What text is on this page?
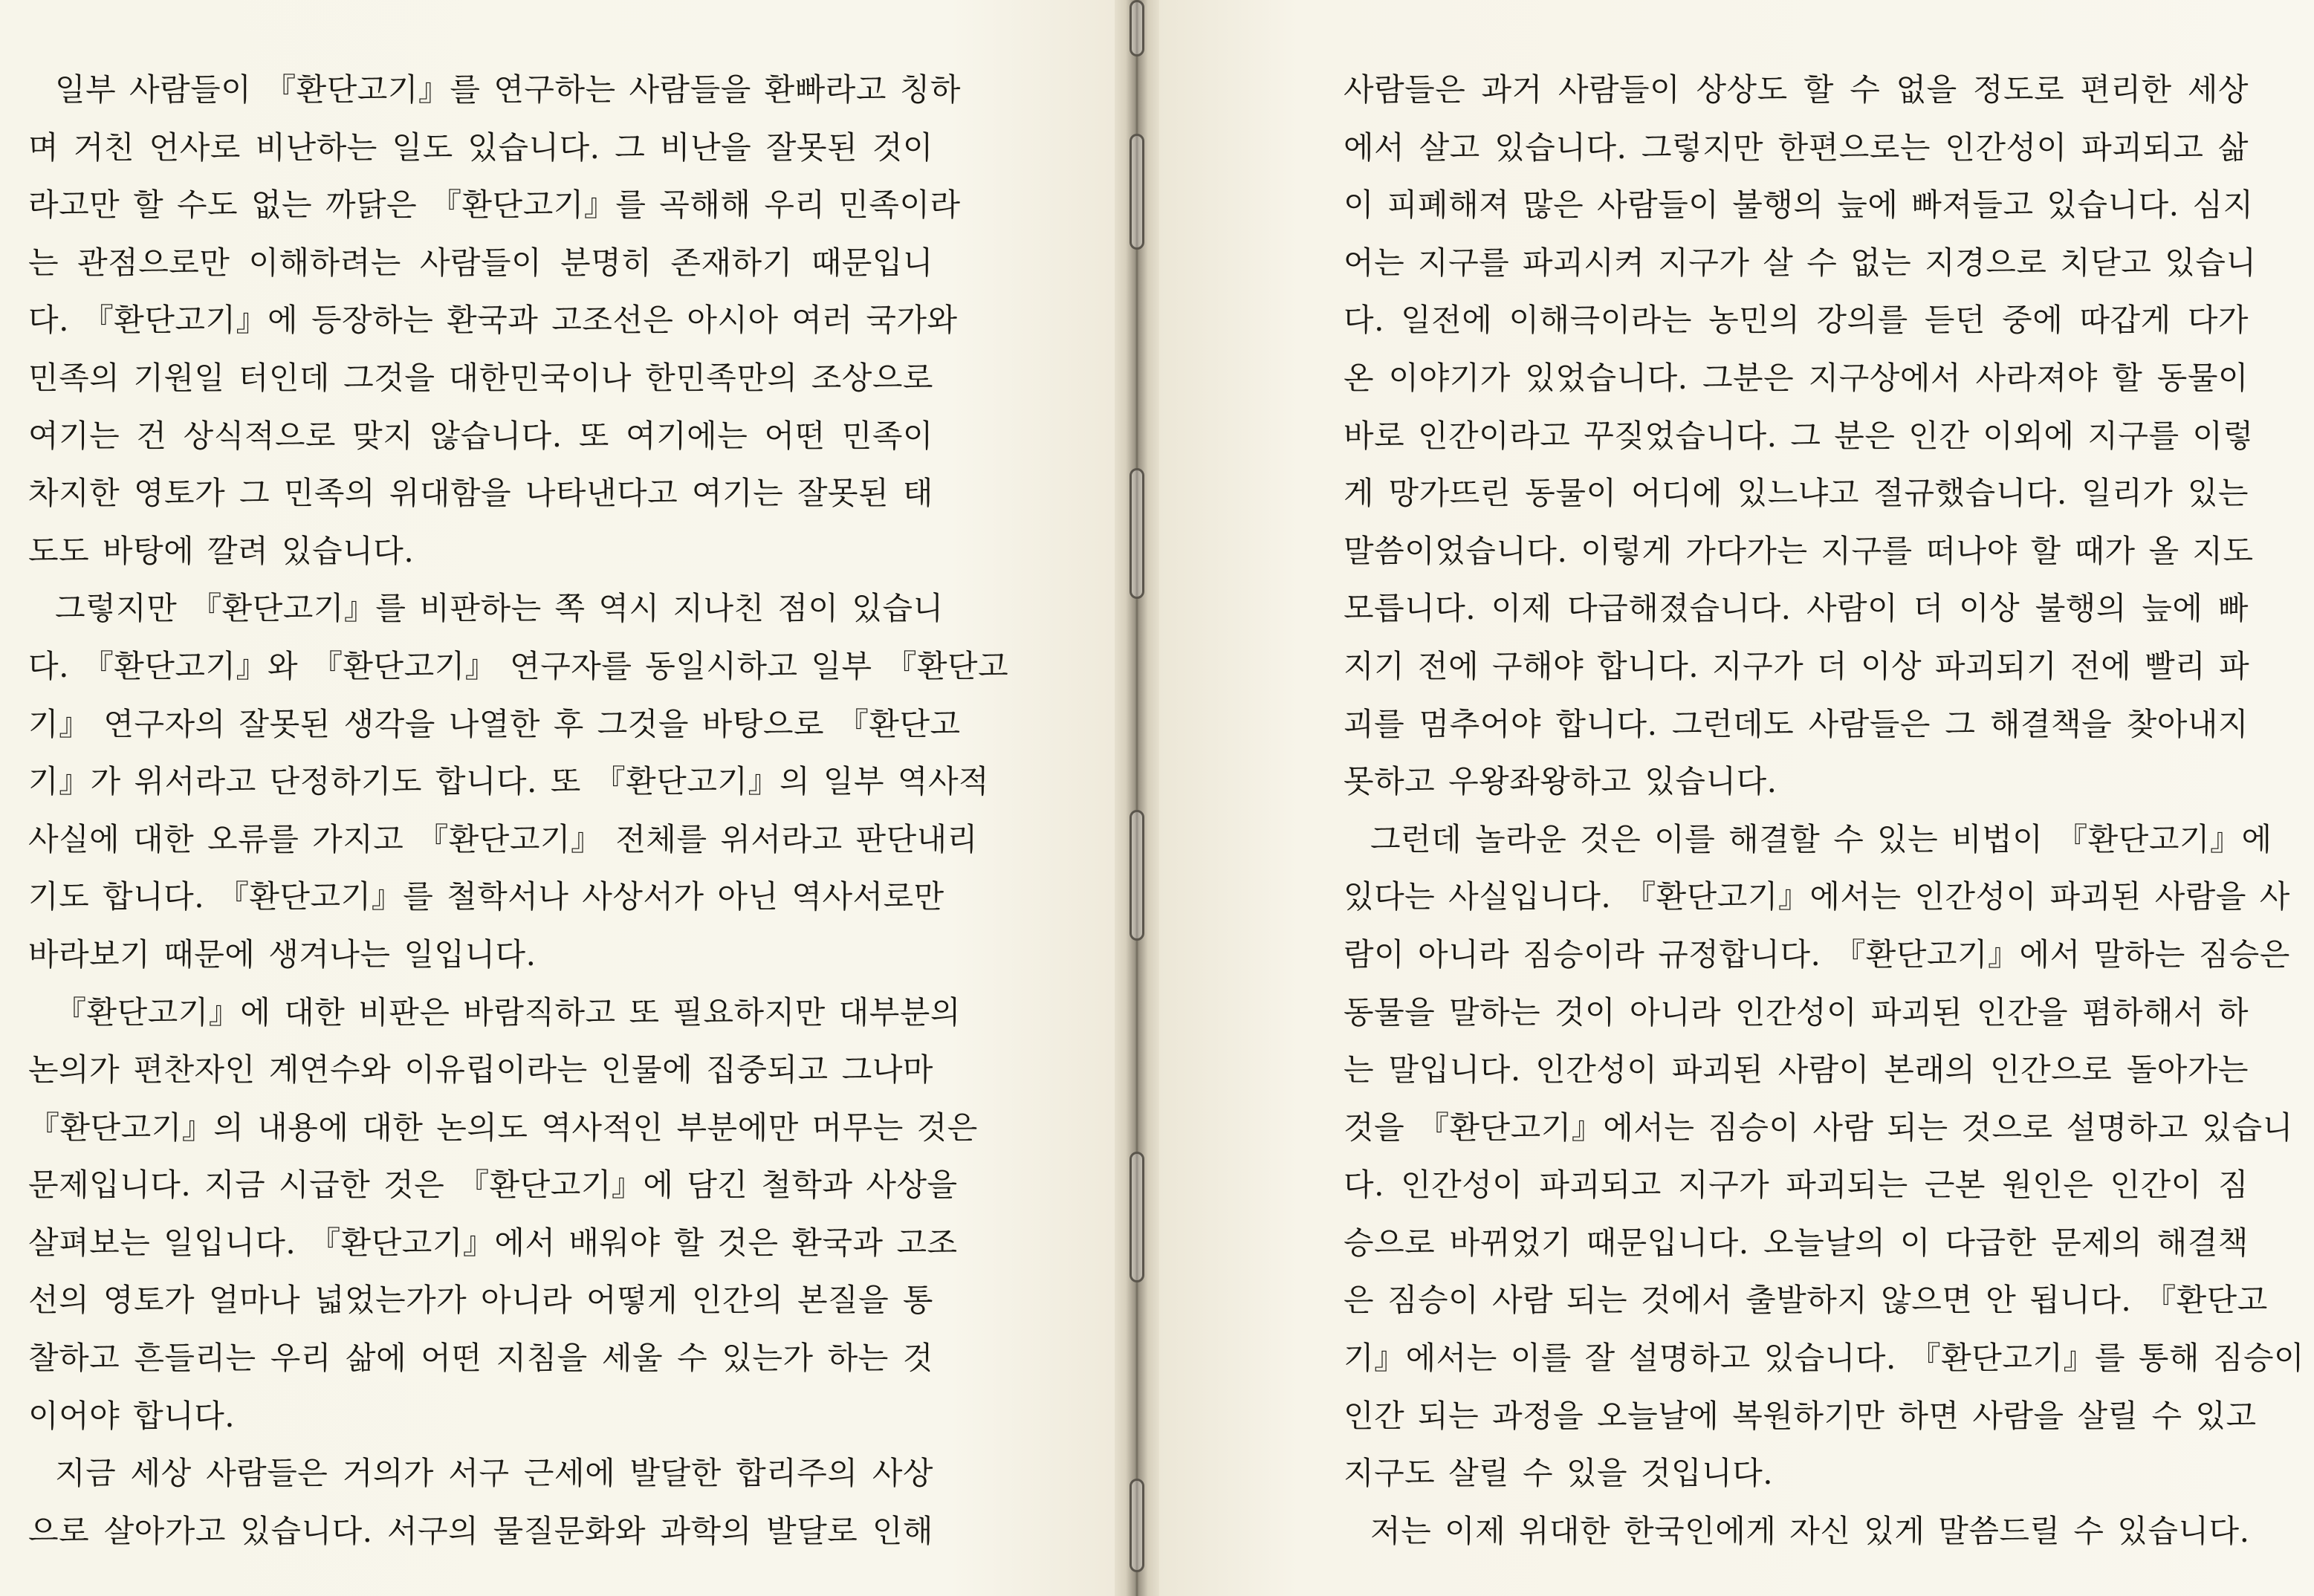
일부 사람들이 『환단고기』를 연구하는 사람들을 환빠라고 칭하
며 거친 언사로 비난하는 일도 있습니다. 그 비난을 잘못된 것이
라고만 할 수도 없는 까닭은 『환단고기』를 곡해해 우리 민족이라
는 관점으로만 이해하려는 사람들이 분명히 존재하기 때문입니
다. 『환단고기』에 등장하는 환국과 고조선은 아시아 여러 국가와
민족의 기원일 터인데 그것을 대한민국이나 한민족만의 조상으로
여기는 건 상식적으로 맞지 않습니다. 또 여기에는 어떤 민족이
차지한 영토가 그 민족의 위대함을 나타낸다고 여기는 잘못된 태
도도 바탕에 깔려 있습니다.
그렇지만 『환단고기』를 비판하는 쪽 역시 지나친 점이 있습니
다. 『환단고기』와 『환단고기』 연구자를 동일시하고 일부 『환단고
기』 연구자의 잘못된 생각을 나열한 후 그것을 바탕으로 『환단고
기』가 위서라고 단정하기도 합니다. 또 『환단고기』의 일부 역사적
사실에 대한 오류를 가지고 『환단고기』 전체를 위서라고 판단내리
기도 합니다. 『환단고기』를 철학서나 사상서가 아닌 역사서로만
바라보기 때문에 생겨나는 일입니다.
『환단고기』에 대한 비판은 바람직하고 또 필요하지만 대부분의
논의가 편찬자인 계연수와 이유립이라는 인물에 집중되고 그나마
『환단고기』의 내용에 대한 논의도 역사적인 부분에만 머무는 것은
문제입니다. 지금 시급한 것은 『환단고기』에 담긴 철학과 사상을
살펴보는 일입니다. 『환단고기』에서 배워야 할 것은 환국과 고조
선의 영토가 얼마나 넓었는가가 아니라 어떻게 인간의 본질을 통
찰하고 흔들리는 우리 삶에 어떤 지침을 세울 수 있는가 하는 것
이어야 합니다.
지금 세상 사람들은 거의가 서구 근세에 발달한 합리주의 사상
으로 살아가고 있습니다. 서구의 물질문화와 과학의 발달로 인해
사람들은 과거 사람들이 상상도 할 수 없을 정도로 편리한 세상
에서 살고 있습니다. 그렇지만 한편으로는 인간성이 파괴되고 삶
이 피폐해져 많은 사람들이 불행의 늪에 빠져들고 있습니다. 심지
어는 지구를 파괴시켜 지구가 살 수 없는 지경으로 치닫고 있습니
다. 일전에 이해극이라는 농민의 강의를 듣던 중에 따갑게 다가
온 이야기가 있었습니다. 그분은 지구상에서 사라져야 할 동물이
바로 인간이라고 꾸짖었습니다. 그 분은 인간 이외에 지구를 이렇
게 망가뜨린 동물이 어디에 있느냐고 절규했습니다. 일리가 있는
말씀이었습니다. 이렇게 가다가는 지구를 떠나야 할 때가 올 지도
모릅니다. 이제 다급해졌습니다. 사람이 더 이상 불행의 늪에 빠
지기 전에 구해야 합니다. 지구가 더 이상 파괴되기 전에 빨리 파
괴를 멈추어야 합니다. 그런데도 사람들은 그 해결책을 찾아내지
못하고 우왕좌왕하고 있습니다.
그런데 놀라운 것은 이를 해결할 수 있는 비법이 『환단고기』에
있다는 사실입니다. 『환단고기』에서는 인간성이 파괴된 사람을 사
람이 아니라 짐승이라 규정합니다. 『환단고기』에서 말하는 짐승은
동물을 말하는 것이 아니라 인간성이 파괴된 인간을 폄하해서 하
는 말입니다. 인간성이 파괴된 사람이 본래의 인간으로 돌아가는
것을 『환단고기』에서는 짐승이 사람 되는 것으로 설명하고 있습니
다. 인간성이 파괴되고 지구가 파괴되는 근본 원인은 인간이 짐
승으로 바뀌었기 때문입니다. 오늘날의 이 다급한 문제의 해결책
은 짐승이 사람 되는 것에서 출발하지 않으면 안 됩니다. 『환단고
기』에서는 이를 잘 설명하고 있습니다. 『환단고기』를 통해 짐승이
인간 되는 과정을 오늘날에 복원하기만 하면 사람을 살릴 수 있고
지구도 살릴 수 있을 것입니다.
저는 이제 위대한 한국인에게 자신 있게 말씀드릴 수 있습니다.
